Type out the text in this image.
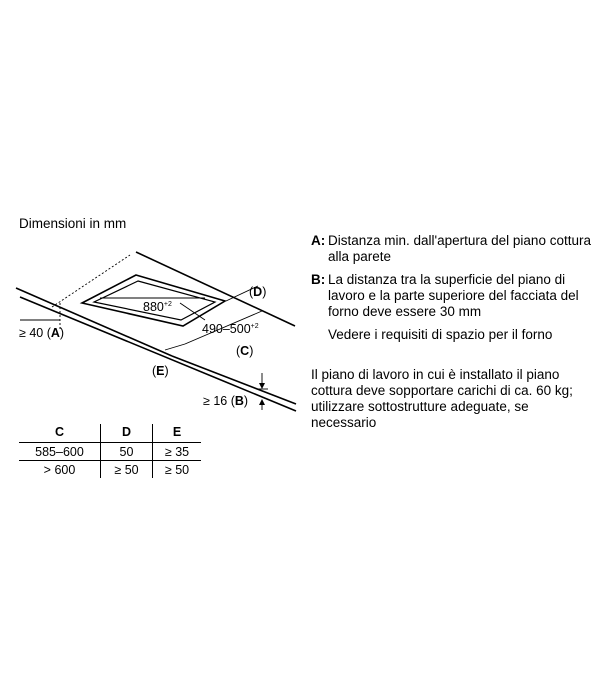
Dimensioni in mm
$880^{+2}$
$490-500^{+2}$
(D)
(C)
(E)
≥ 40 (A)
≥ 16 (B)
C	D	E
585–600	50	≥ 35
> 600	≥ 50	≥ 50
A: Distanza min. dall'apertura del piano cottura alla parete
B: La distanza tra la superficie del piano di lavoro e la parte superiore del facciata del forno deve essere 30 mm
Vedere i requisiti di spazio per il forno
Il piano di lavoro in cui è installato il piano cottura deve sopportare carichi di ca. 60 kg; utilizzare sottostrutture adeguate, se necessario
